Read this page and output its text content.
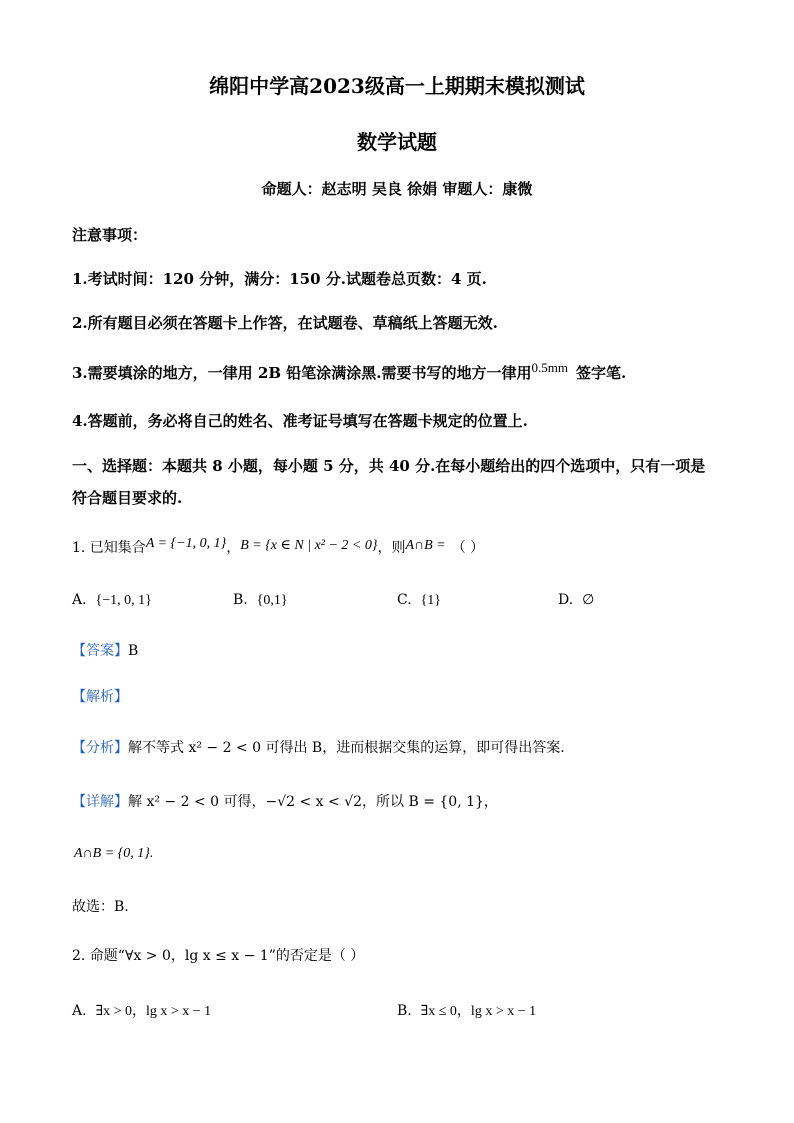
绵阳中学高2023级高一上期期末模拟测试
数学试题
命题人：赵志明 吴良 徐娟 审题人：康微
注意事项：
1.考试时间：120 分钟，满分：150 分.试题卷总页数：4 页.
2.所有题目必须在答题卡上作答，在试题卷、草稿纸上答题无效.
3.需要填涂的地方，一律用 2B 铅笔涂满涂黑.需要书写的地方一律用0.5mm 签字笔.
4.答题前，务必将自己的姓名、准考证号填写在答题卡规定的位置上.
一、选择题：本题共 8 小题，每小题 5 分，共 40 分.在每小题给出的四个选项中，只有一项是
符合题目要求的.
1. 已知集合A = {−1, 0, 1}，B = {x ∈ N | x² − 2 < 0}，则A∩B = （ ）
A. {−1, 0, 1}	B. {0,1}	C. {1}	D. ∅
【答案】B
【解析】
【分析】解不等式 x² − 2 < 0 可得出 B，进而根据交集的运算，即可得出答案.
【详解】解 x² − 2 < 0 可得，−√2 < x < √2，所以 B = {0, 1}，
A∩B = {0, 1}.
故选：B.
2. 命题“∀x > 0，lg x ≤ x − 1”的否定是（ ）
A. ∃x > 0，lg x > x − 1	B. ∃x ≤ 0，lg x > x − 1
